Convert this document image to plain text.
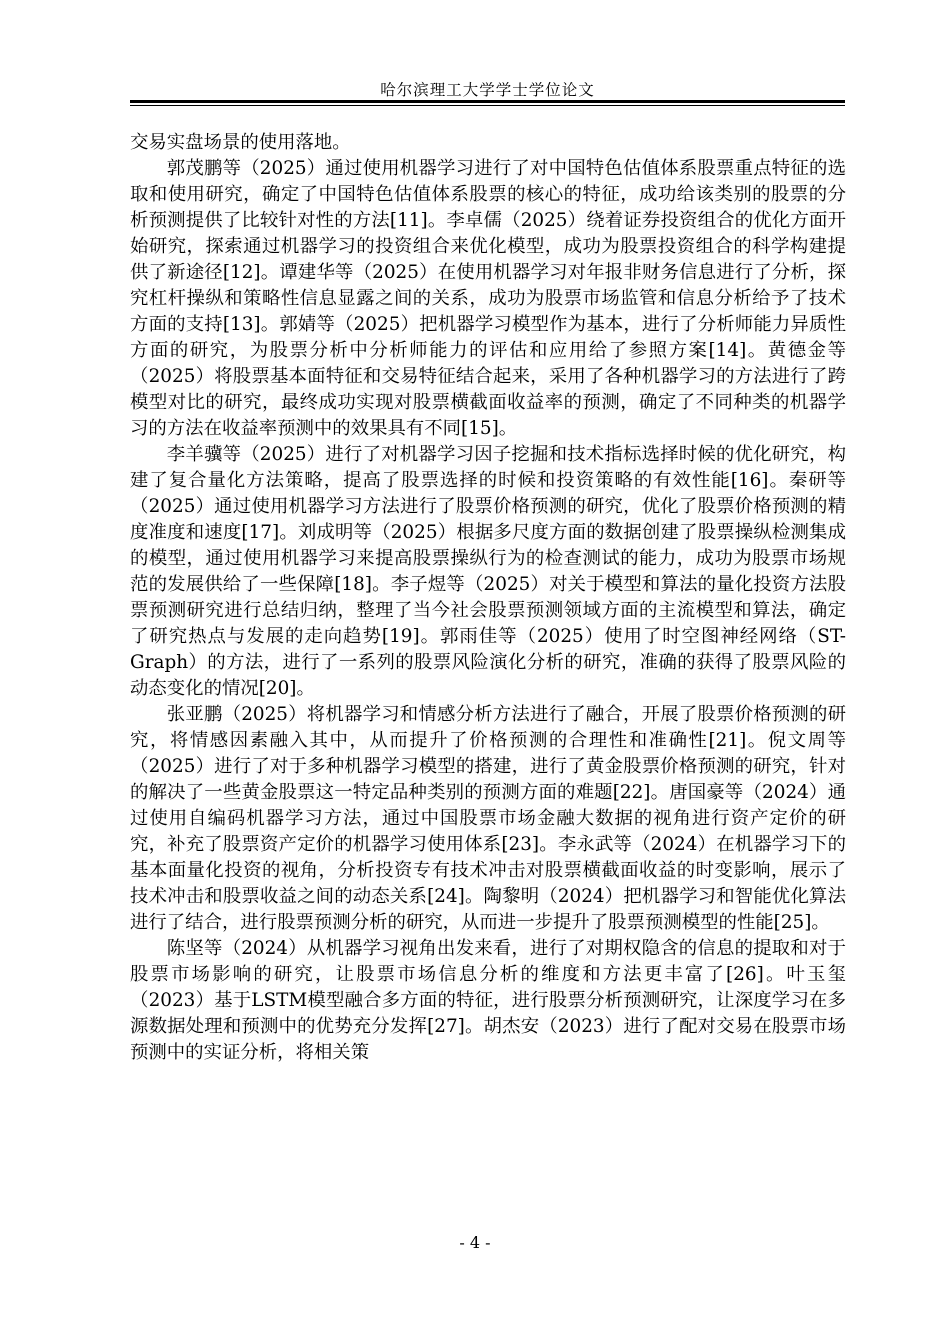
哈尔滨理工大学学士学位论文

交易实盘场景的使用落地。

郭茂鹏等（2025）通过使用机器学习进行了对中国特色估值体系股票重点特征的选取和使用研究，确定了中国特色估值体系股票的核心的特征，成功给该类别的股票的分析预测提供了比较针对性的方法[11]。李卓儒（2025）绕着证券投资组合的优化方面开始研究，探索通过机器学习的投资组合来优化模型，成功为股票投资组合的科学构建提供了新途径[12]。谭建华等（2025）在使用机器学习对年报非财务信息进行了分析，探究杠杆操纵和策略性信息显露之间的关系，成功为股票市场监管和信息分析给予了技术方面的支持[13]。郭婧等（2025）把机器学习模型作为基本，进行了分析师能力异质性方面的研究，为股票分析中分析师能力的评估和应用给了参照方案[14]。黄德金等（2025）将股票基本面特征和交易特征结合起来，采用了各种机器学习的方法进行了跨模型对比的研究，最终成功实现对股票横截面收益率的预测，确定了不同种类的机器学习的方法在收益率预测中的效果具有不同[15]。

李羊骥等（2025）进行了对机器学习因子挖掘和技术指标选择时候的优化研究，构建了复合量化方法策略，提高了股票选择的时候和投资策略的有效性能[16]。秦研等（2025）通过使用机器学习方法进行了股票价格预测的研究，优化了股票价格预测的精度准度和速度[17]。刘成明等（2025）根据多尺度方面的数据创建了股票操纵检测集成的模型，通过使用机器学习来提高股票操纵行为的检查测试的能力，成功为股票市场规范的发展供给了一些保障[18]。李子煜等（2025）对关于模型和算法的量化投资方法股票预测研究进行总结归纳，整理了当今社会股票预测领域方面的主流模型和算法，确定了研究热点与发展的走向趋势[19]。郭雨佳等（2025）使用了时空图神经网络（ST-Graph）的方法，进行了一系列的股票风险演化分析的研究，准确的获得了股票风险的动态变化的情况[20]。

张亚鹏（2025）将机器学习和情感分析方法进行了融合，开展了股票价格预测的研究，将情感因素融入其中，从而提升了价格预测的合理性和准确性[21]。倪文周等（2025）进行了对于多种机器学习模型的搭建，进行了黄金股票价格预测的研究，针对的解决了一些黄金股票这一特定品种类别的预测方面的难题[22]。唐国豪等（2024）通过使用自编码机器学习方法，通过中国股票市场金融大数据的视角进行资产定价的研究，补充了股票资产定价的机器学习使用体系[23]。李永武等（2024）在机器学习下的基本面量化投资的视角，分析投资专有技术冲击对股票横截面收益的时变影响，展示了技术冲击和股票收益之间的动态关系[24]。陶黎明（2024）把机器学习和智能优化算法进行了结合，进行股票预测分析的研究，从而进一步提升了股票预测模型的性能[25]。

陈坚等（2024）从机器学习视角出发来看，进行了对期权隐含的信息的提取和对于股票市场影响的研究，让股票市场信息分析的维度和方法更丰富了[26]。叶玉玺（2023）基于LSTM模型融合多方面的特征，进行股票分析预测研究，让深度学习在多源数据处理和预测中的优势充分发挥[27]。胡杰安（2023）进行了配对交易在股票市场预测中的实证分析，将相关策

- 4 -
